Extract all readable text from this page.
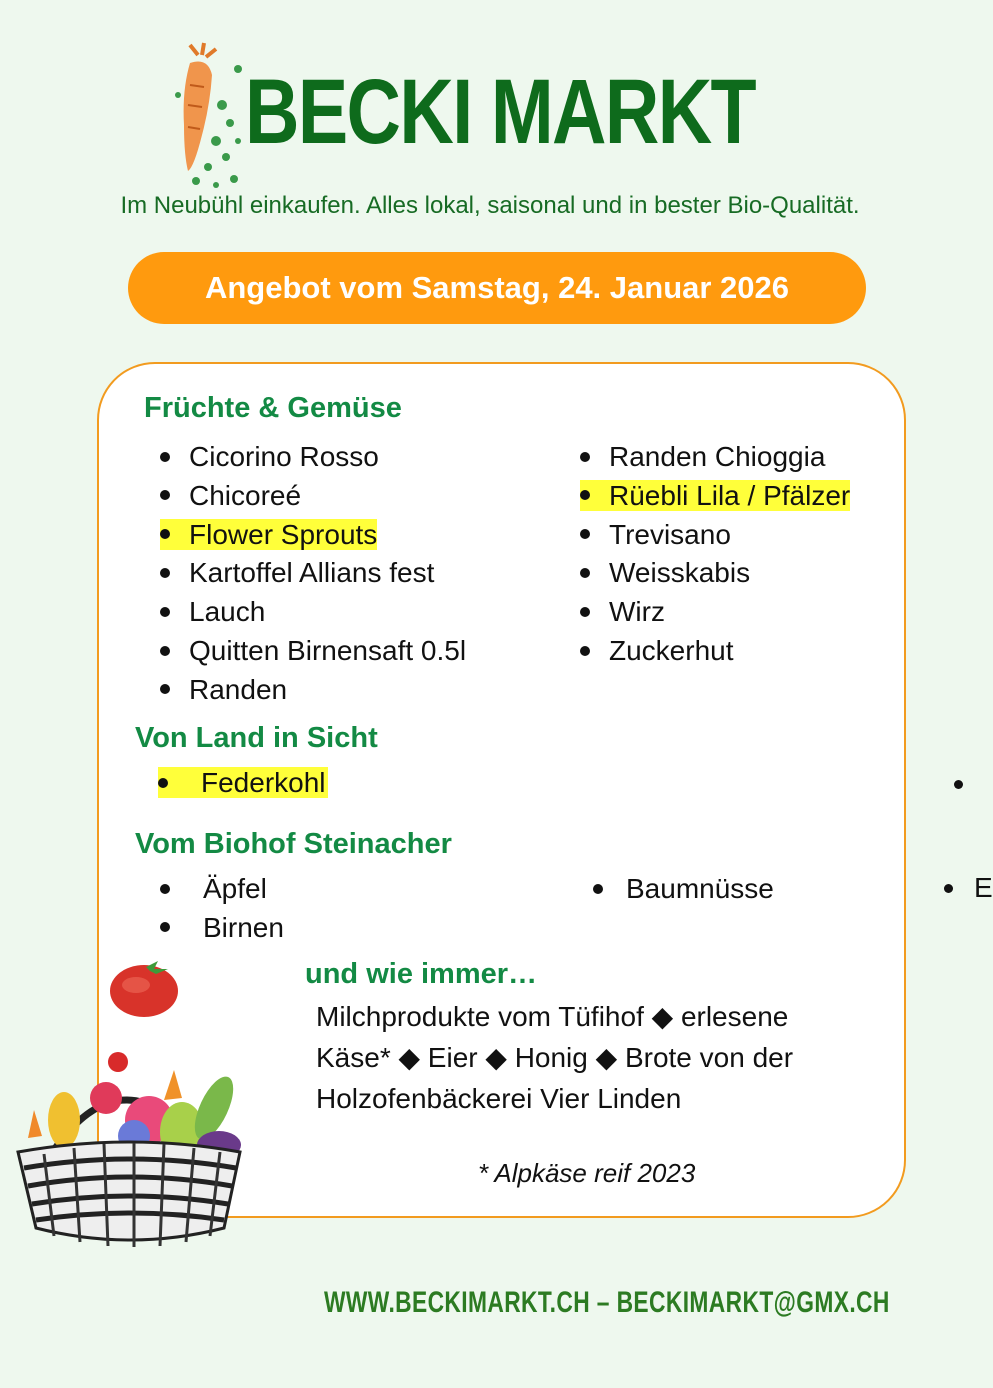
BECKI MARKT
Im Neubühl einkaufen. Alles lokal, saisonal und in bester Bio-Qualität.
Angebot vom Samstag, 24. Januar 2026
Früchte & Gemüse
Cicorino Rosso
Chicoreé
Flower Sprouts
Kartoffel Allians fest
Lauch
Quitten Birnensaft 0.5l
Randen
Randen Chioggia
Rüebli Lila / Pfälzer
Trevisano
Weisskabis
Wirz
Zuckerhut
Von Land in Sicht
Federkohl
Vom Biohof Steinacher
Äpfel
Birnen
Baumnüsse	E
und wie immer…
Milchprodukte vom Tüfihof ◆ erlesene Käse* ◆ Eier ◆ Honig ◆ Brote von der Holzofenbäckerei Vier Linden
* Alpkäse reif 2023
WWW.BECKIMARKT.CH – BECKIMARKT@GMX.CH
